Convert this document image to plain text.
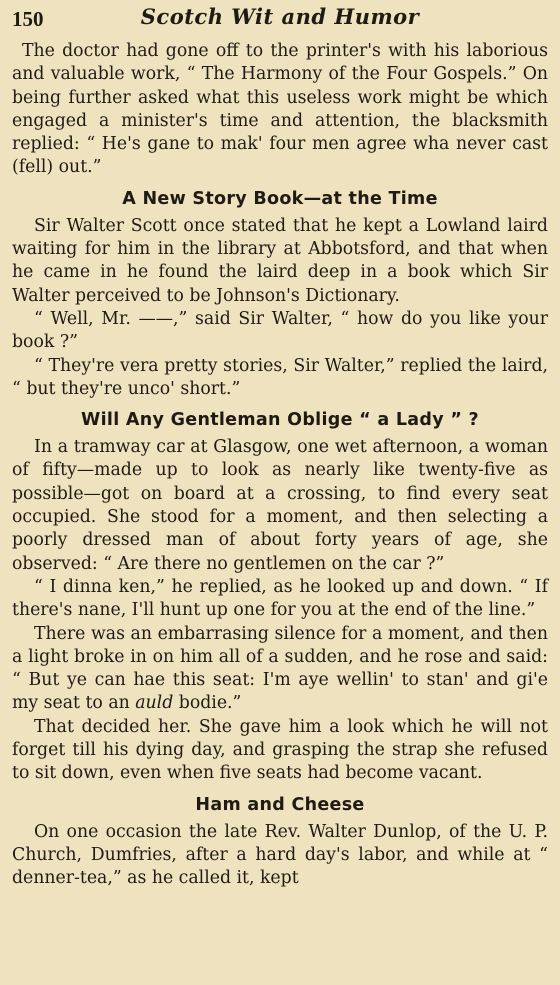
150	Scotch Wit and Humor

The doctor had gone off to the printer's with his laborious and valuable work, “ The Harmony of the Four Gospels.” On being further asked what this useless work might be which engaged a minister's time and attention, the blacksmith replied: “ He's gane to mak' four men agree wha never cast (fell) out.”

A New Story Book—at the Time

Sir Walter Scott once stated that he kept a Lowland laird waiting for him in the library at Abbotsford, and that when he came in he found the laird deep in a book which Sir Walter perceived to be Johnson's Dictionary.

“ Well, Mr. ——,” said Sir Walter, “ how do you like your book ?”

“ They're vera pretty stories, Sir Walter,” replied the laird, “ but they're unco' short.”

Will Any Gentleman Oblige “ a Lady ” ?

In a tramway car at Glasgow, one wet afternoon, a woman of fifty—made up to look as nearly like twenty-five as possible—got on board at a crossing, to find every seat occupied. She stood for a moment, and then selecting a poorly dressed man of about forty years of age, she observed: “ Are there no gentlemen on the car ?”

“ I dinna ken,” he replied, as he looked up and down. “ If there's nane, I'll hunt up one for you at the end of the line.”

There was an embarrasing silence for a moment, and then a light broke in on him all of a sudden, and he rose and said: “ But ye can hae this seat: I'm aye wellin' to stan' and gi'e my seat to an auld bodie.”

That decided her. She gave him a look which he will not forget till his dying day, and grasping the strap she refused to sit down, even when five seats had become vacant.

Ham and Cheese

On one occasion the late Rev. Walter Dunlop, of the U. P. Church, Dumfries, after a hard day's labor, and while at “ denner-tea,” as he called it, kept
